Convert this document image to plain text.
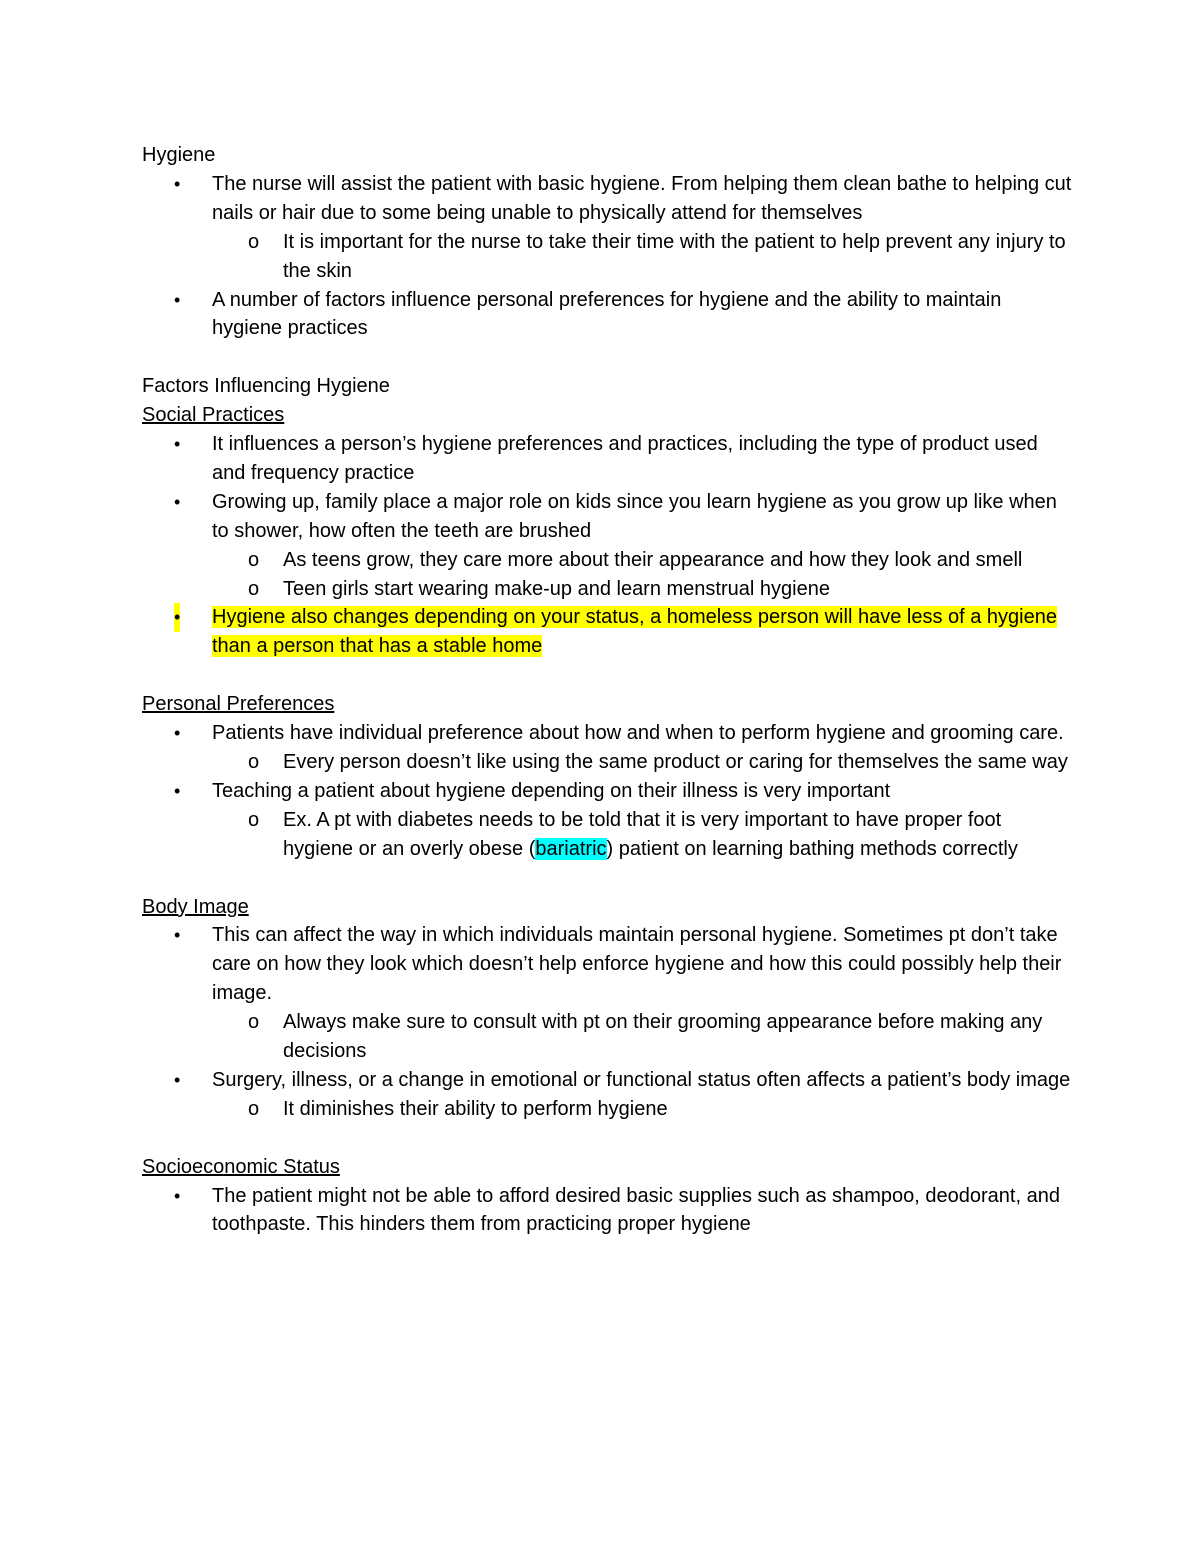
Hygiene
• The nurse will assist the patient with basic hygiene. From helping them clean bathe to helping cut nails or hair due to some being unable to physically attend for themselves
o It is important for the nurse to take their time with the patient to help prevent any injury to the skin
• A number of factors influence personal preferences for hygiene and the ability to maintain hygiene practices
Factors Influencing Hygiene
Social Practices
• It influences a person’s hygiene preferences and practices, including the type of product used and frequency practice
• Growing up, family place a major role on kids since you learn hygiene as you grow up like when to shower, how often the teeth are brushed
o As teens grow, they care more about their appearance and how they look and smell
o Teen girls start wearing make-up and learn menstrual hygiene
• Hygiene also changes depending on your status, a homeless person will have less of a hygiene than a person that has a stable home
Personal Preferences
• Patients have individual preference about how and when to perform hygiene and grooming care.
o Every person doesn’t like using the same product or caring for themselves the same way
• Teaching a patient about hygiene depending on their illness is very important
o Ex. A pt with diabetes needs to be told that it is very important to have proper foot hygiene or an overly obese (bariatric) patient on learning bathing methods correctly
Body Image
• This can affect the way in which individuals maintain personal hygiene. Sometimes pt don’t take care on how they look which doesn’t help enforce hygiene and how this could possibly help their image.
o Always make sure to consult with pt on their grooming appearance before making any decisions
• Surgery, illness, or a change in emotional or functional status often affects a patient’s body image
o It diminishes their ability to perform hygiene
Socioeconomic Status
• The patient might not be able to afford desired basic supplies such as shampoo, deodorant, and toothpaste. This hinders them from practicing proper hygiene
